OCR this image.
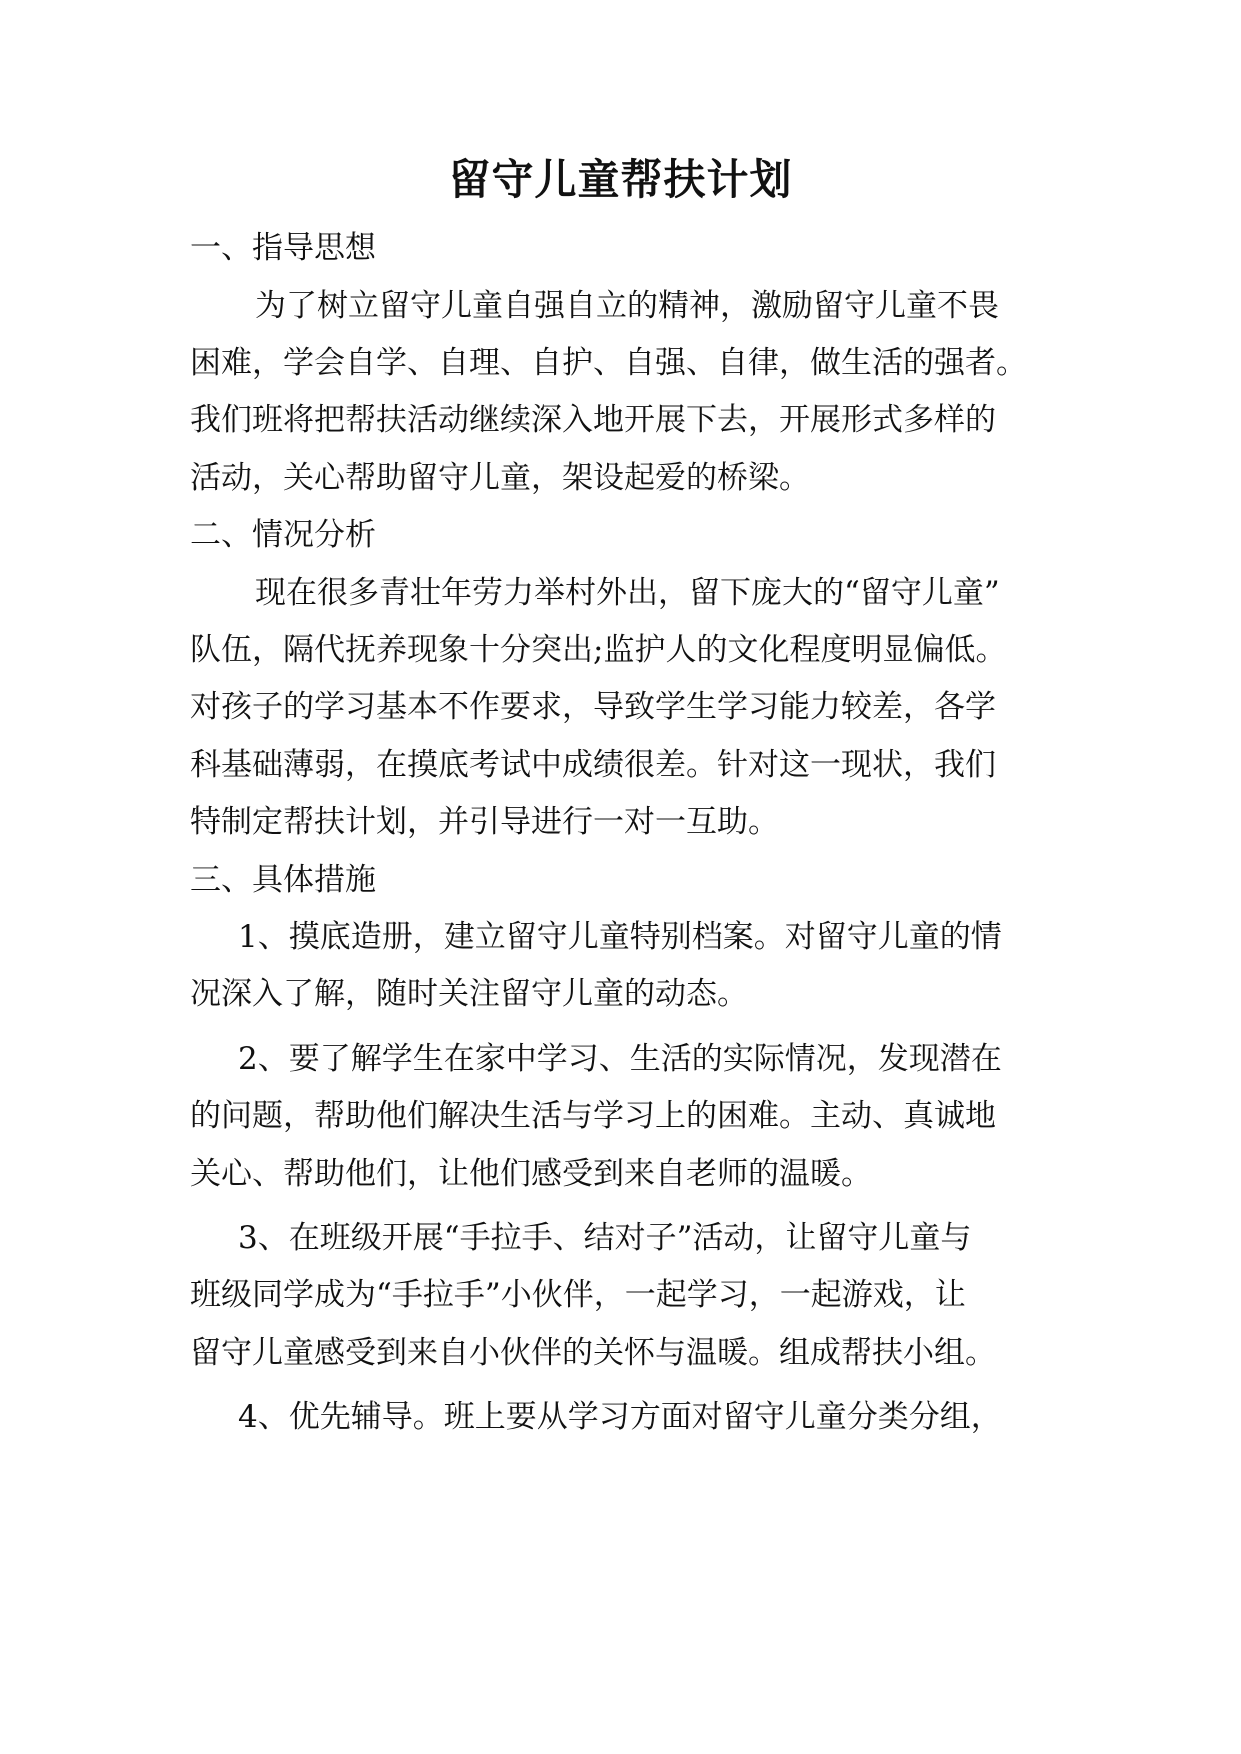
留守儿童帮扶计划

一、指导思想

为了树立留守儿童自强自立的精神，激励留守儿童不畏

困难，学会自学、自理、自护、自强、自律，做生活的强者。

我们班将把帮扶活动继续深入地开展下去，开展形式多样的

活动，关心帮助留守儿童，架设起爱的桥梁。

二、情况分析

现在很多青壮年劳力举村外出，留下庞大的“留守儿童”

队伍，隔代抚养现象十分突出;监护人的文化程度明显偏低。

对孩子的学习基本不作要求，导致学生学习能力较差，各学

科基础薄弱，在摸底考试中成绩很差。针对这一现状，我们

特制定帮扶计划，并引导进行一对一互助。

三、具体措施

1、摸底造册，建立留守儿童特别档案。对留守儿童的情

况深入了解，随时关注留守儿童的动态。

2、要了解学生在家中学习、生活的实际情况，发现潜在

的问题，帮助他们解决生活与学习上的困难。主动、真诚地

关心、帮助他们，让他们感受到来自老师的温暖。

3、在班级开展“手拉手、结对子”活动，让留守儿童与

班级同学成为“手拉手”小伙伴，一起学习，一起游戏，让

留守儿童感受到来自小伙伴的关怀与温暖。组成帮扶小组。

4、优先辅导。班上要从学习方面对留守儿童分类分组，
